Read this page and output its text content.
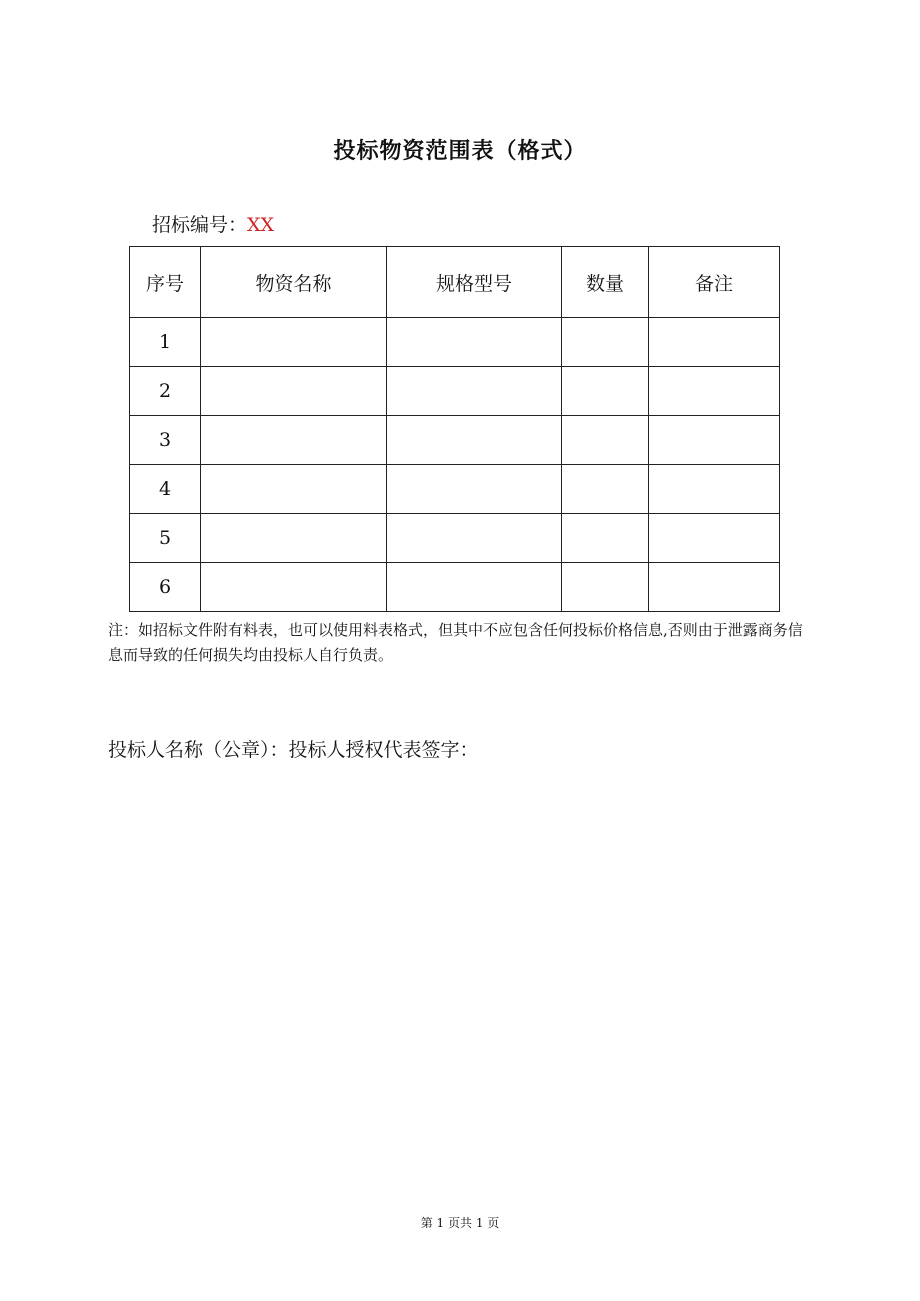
投标物资范围表（格式）
招标编号：XX
序号	物资名称	规格型号	数量	备注
1				
2				
3				
4				
5				
6				
注：如招标文件附有料表，也可以使用料表格式，但其中不应包含任何投标价格信息,否则由于泄露商务信息而导致的任何损失均由投标人自行负责。
投标人名称（公章）：投标人授权代表签字：
第 1 页共 1 页
